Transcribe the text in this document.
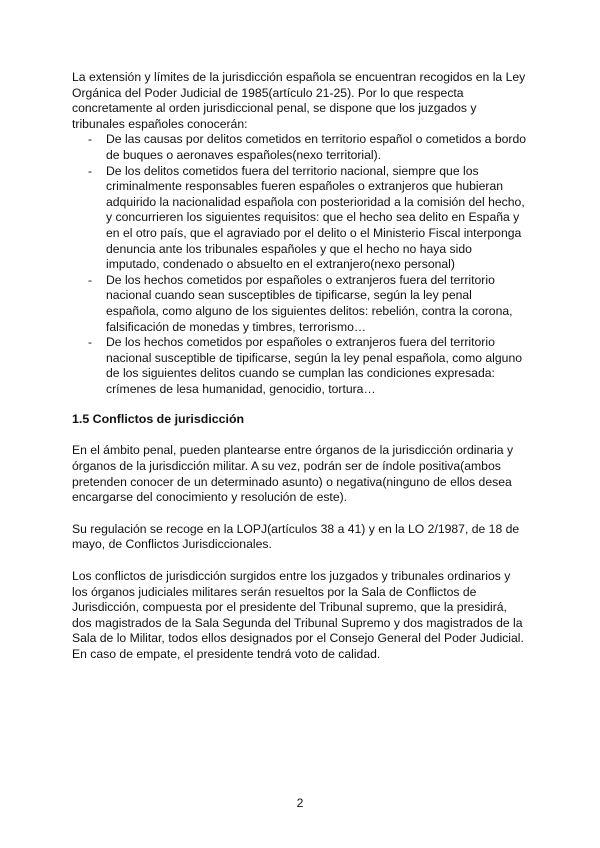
La extensión y límites de la jurisdicción española se encuentran recogidos en la Ley Orgánica del Poder Judicial de 1985(artículo 21-25). Por lo que respecta concretamente al orden jurisdiccional penal, se dispone que los juzgados y tribunales españoles conocerán:

- De las causas por delitos cometidos en territorio español o cometidos a bordo de buques o aeronaves españoles(nexo territorial).
- De los delitos cometidos fuera del territorio nacional, siempre que los criminalmente responsables fueren españoles o extranjeros que hubieran adquirido la nacionalidad española con posterioridad a la comisión del hecho, y concurrieren los siguientes requisitos: que el hecho sea delito en España y en el otro país, que el agraviado por el delito o el Ministerio Fiscal interponga denuncia ante los tribunales españoles y que el hecho no haya sido imputado, condenado o absuelto en el extranjero(nexo personal)
- De los hechos cometidos por españoles o extranjeros fuera del territorio nacional cuando sean susceptibles de tipificarse, según la ley penal española, como alguno de los siguientes delitos: rebelión, contra la corona, falsificación de monedas y timbres, terrorismo…
- De los hechos cometidos por españoles o extranjeros fuera del territorio nacional susceptible de tipificarse, según la ley penal española, como alguno de los siguientes delitos cuando se cumplan las condiciones expresada: crímenes de lesa humanidad, genocidio, tortura…
1.5 Conflictos de jurisdicción

En el ámbito penal, pueden plantearse entre órganos de la jurisdicción ordinaria y órganos de la jurisdicción militar. A su vez, podrán ser de índole positiva(ambos pretenden conocer de un determinado asunto) o negativa(ninguno de ellos desea encargarse del conocimiento y resolución de este).

Su regulación se recoge en la LOPJ(artículos 38 a 41) y en la LO 2/1987, de 18 de mayo, de Conflictos Jurisdiccionales.

Los conflictos de jurisdicción surgidos entre los juzgados y tribunales ordinarios y los órganos judiciales militares serán resueltos por la Sala de Conflictos de Jurisdicción, compuesta por el presidente del Tribunal supremo, que la presidirá, dos magistrados de la Sala Segunda del Tribunal Supremo y dos magistrados de la Sala de lo Militar, todos ellos designados por el Consejo General del Poder Judicial. En caso de empate, el presidente tendrá voto de calidad.

2
